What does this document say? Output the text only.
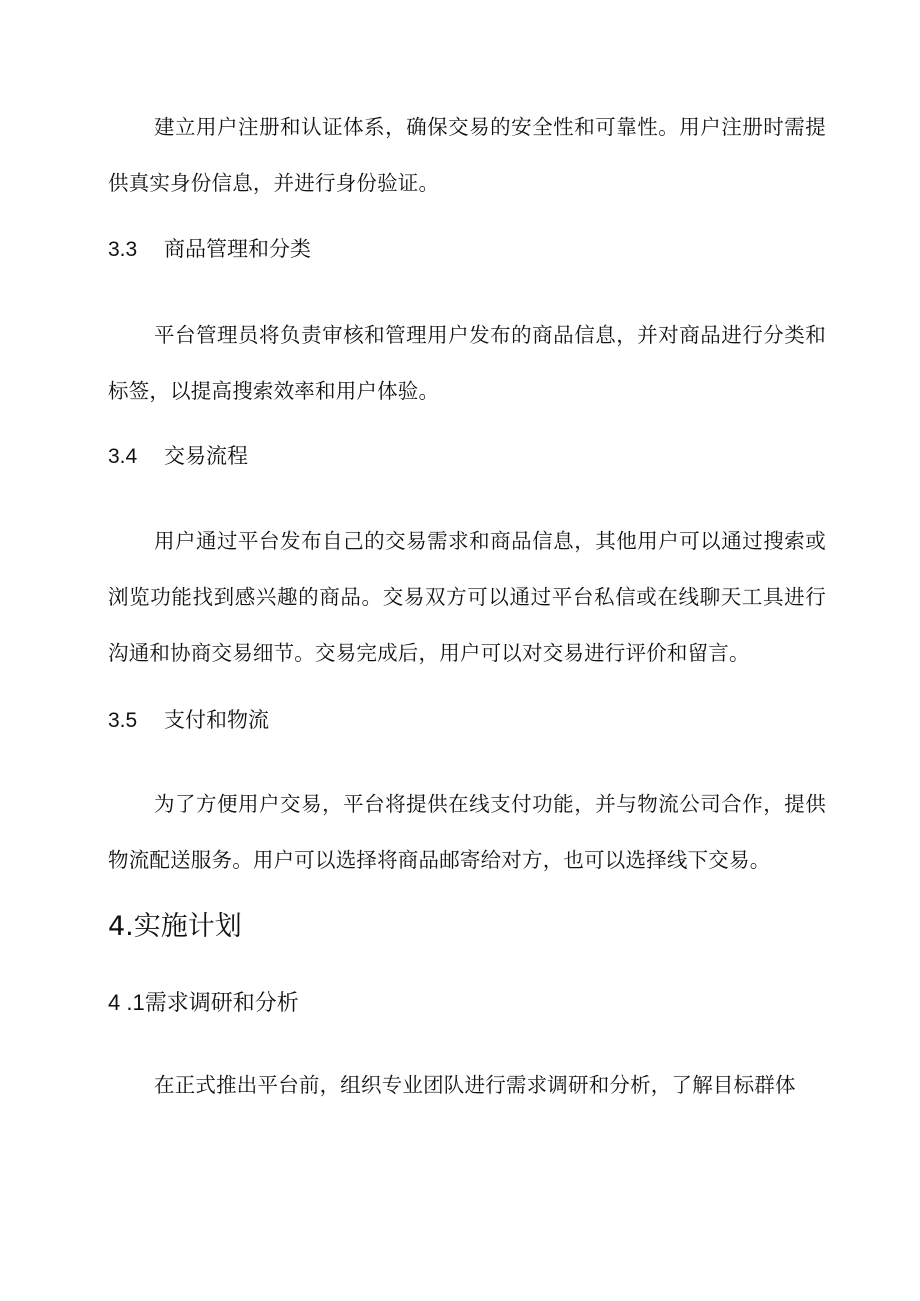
建立用户注册和认证体系，确保交易的安全性和可靠性。用户注册时需提供真实身份信息，并进行身份验证。

3.3 商品管理和分类

平台管理员将负责审核和管理用户发布的商品信息，并对商品进行分类和标签，以提高搜索效率和用户体验。

3.4 交易流程

用户通过平台发布自己的交易需求和商品信息，其他用户可以通过搜索或浏览功能找到感兴趣的商品。交易双方可以通过平台私信或在线聊天工具进行沟通和协商交易细节。交易完成后，用户可以对交易进行评价和留言。

3.5 支付和物流

为了方便用户交易，平台将提供在线支付功能，并与物流公司合作，提供物流配送服务。用户可以选择将商品邮寄给对方，也可以选择线下交易。

4.实施计划
4 .1需求调研和分析

在正式推出平台前，组织专业团队进行需求调研和分析，了解目标群体
